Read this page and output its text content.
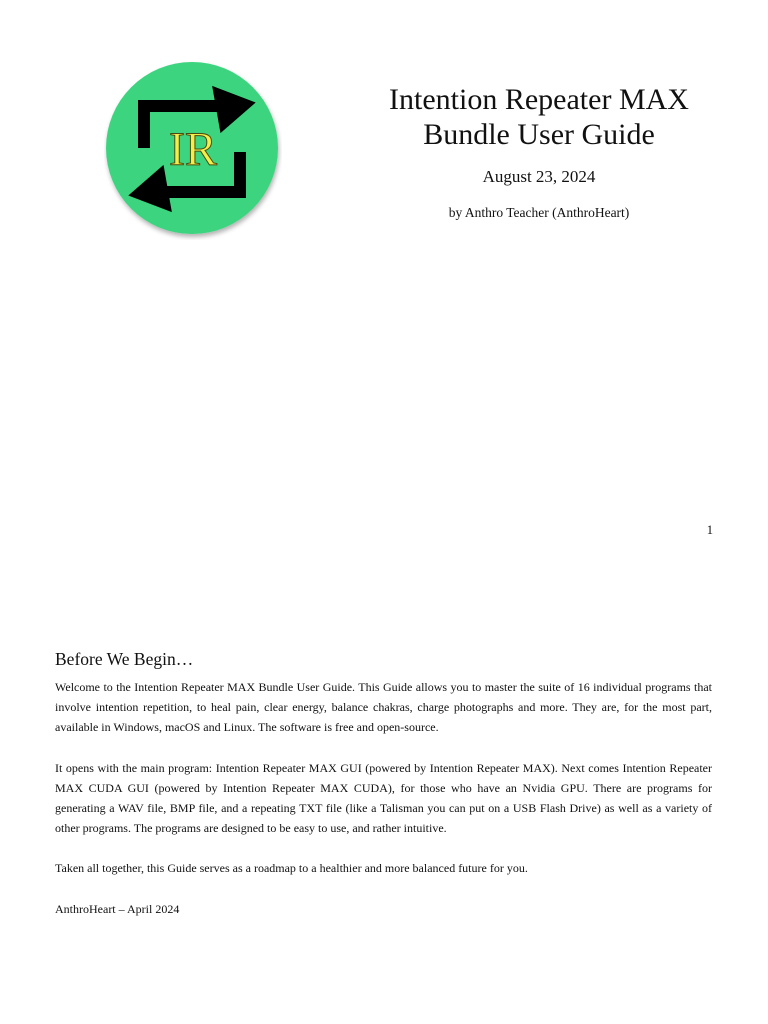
IR
Intention Repeater MAX
Bundle User Guide

August 23, 2024

by Anthro Teacher (AnthroHeart)

1
Before We Begin…

Welcome to the Intention Repeater MAX Bundle User Guide. This Guide allows you to master the suite of 16 individual programs that involve intention repetition, to heal pain, clear energy, balance chakras, charge photographs and more. They are, for the most part, available in Windows, macOS and Linux. The software is free and open-source.

It opens with the main program: Intention Repeater MAX GUI (powered by Intention Repeater MAX). Next comes Intention Repeater MAX CUDA GUI (powered by Intention Repeater MAX CUDA), for those who have an Nvidia GPU. There are programs for generating a WAV file, BMP file, and a repeating TXT file (like a Talisman you can put on a USB Flash Drive) as well as a variety of other programs. The programs are designed to be easy to use, and rather intuitive.

Taken all together, this Guide serves as a roadmap to a healthier and more balanced future for you.

AnthroHeart – April 2024
